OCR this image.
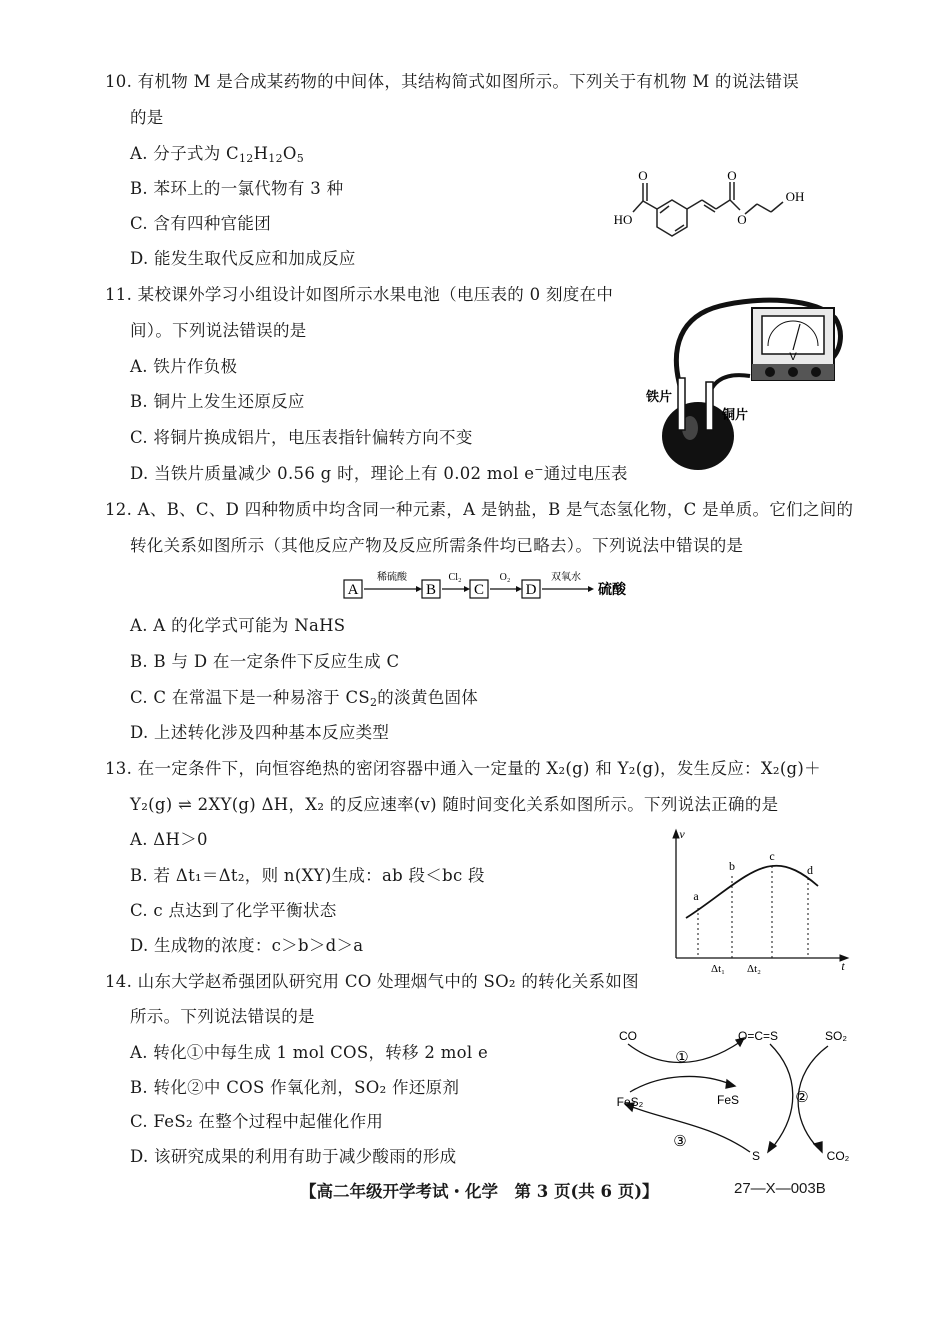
10. 有机物 M 是合成某药物的中间体，其结构简式如图所示。下列关于有机物 M 的说法错误
的是
A. 分子式为 $C_{12}H_{12}O_5$
B. 苯环上的一氯代物有 3 种
C. 含有四种官能团
D. 能发生取代反应和加成反应
O
HO
O
O
OH
11. 某校课外学习小组设计如图所示水果电池（电压表的 0 刻度在中
间）。下列说法错误的是
A. 铁片作负极
B. 铜片上发生还原反应
C. 将铜片换成铝片，电压表指针偏转方向不变
D. 当铁片质量减少 0.56 g 时，理论上有 0.02 mol e−通过电压表
V
铁片
铜片
12. A、B、C、D 四种物质中均含同一种元素，A 是钠盐，B 是气态氢化物，C 是单质。它们之间的
转化关系如图所示（其他反应产物及反应所需条件均已略去）。下列说法中错误的是
A
稀硫酸
B
Cl₂
C
O₂
D
双氧水
硫酸
A. A 的化学式可能为 NaHS
B. B 与 D 在一定条件下反应生成 C
C. C 在常温下是一种易溶于 $CS_2$的淡黄色固体
D. 上述转化涉及四种基本反应类型
13. 在一定条件下，向恒容绝热的密闭容器中通入一定量的 X₂(g) 和 Y₂(g)，发生反应：X₂(g)＋
Y₂(g) ⇌ 2XY(g) ΔH，X₂ 的反应速率(v) 随时间变化关系如图所示。下列说法正确的是
A. ΔH＞0
B. 若 Δt₁＝Δt₂，则 n(XY)生成：ab 段＜bc 段
C. c 点达到了化学平衡状态
D. 生成物的浓度：c＞b＞d＞a
v
t
a
b
c
d
Δt₁ Δt₂
14. 山东大学赵希强团队研究用 CO 处理烟气中的 SO₂ 的转化关系如图
所示。下列说法错误的是
A. 转化①中每生成 1 mol COS，转移 2 mol e
B. 转化②中 COS 作氧化剂，SO₂ 作还原剂
C. FeS₂ 在整个过程中起催化作用
D. 该研究成果的利用有助于减少酸雨的形成
CO	O=C=S	SO₂
FeS₂	FeS
S	CO₂
①
②
③
【高二年级开学考试・化学　第 3 页(共 6 页)】	27—X—003B
